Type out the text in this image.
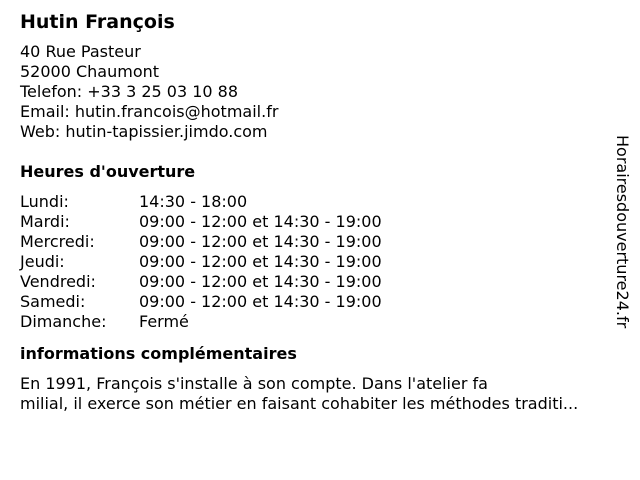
Hutin François
40 Rue Pasteur
52000 Chaumont
Telefon: +33 3 25 03 10 88
Email: hutin.francois@hotmail.fr
Web: hutin-tapissier.jimdo.com
Heures d'ouverture
Lundi:	14:30 - 18:00
Mardi:	09:00 - 12:00 et 14:30 - 19:00
Mercredi:	09:00 - 12:00 et 14:30 - 19:00
Jeudi:	09:00 - 12:00 et 14:30 - 19:00
Vendredi:	09:00 - 12:00 et 14:30 - 19:00
Samedi:	09:00 - 12:00 et 14:30 - 19:00
Dimanche:	Fermé
informations complémentaires
En 1991, François s'installe à son compte. Dans l'atelier fa
milial, il exerce son métier en faisant cohabiter les méthodes traditi...
Horairesdouverture24.fr
